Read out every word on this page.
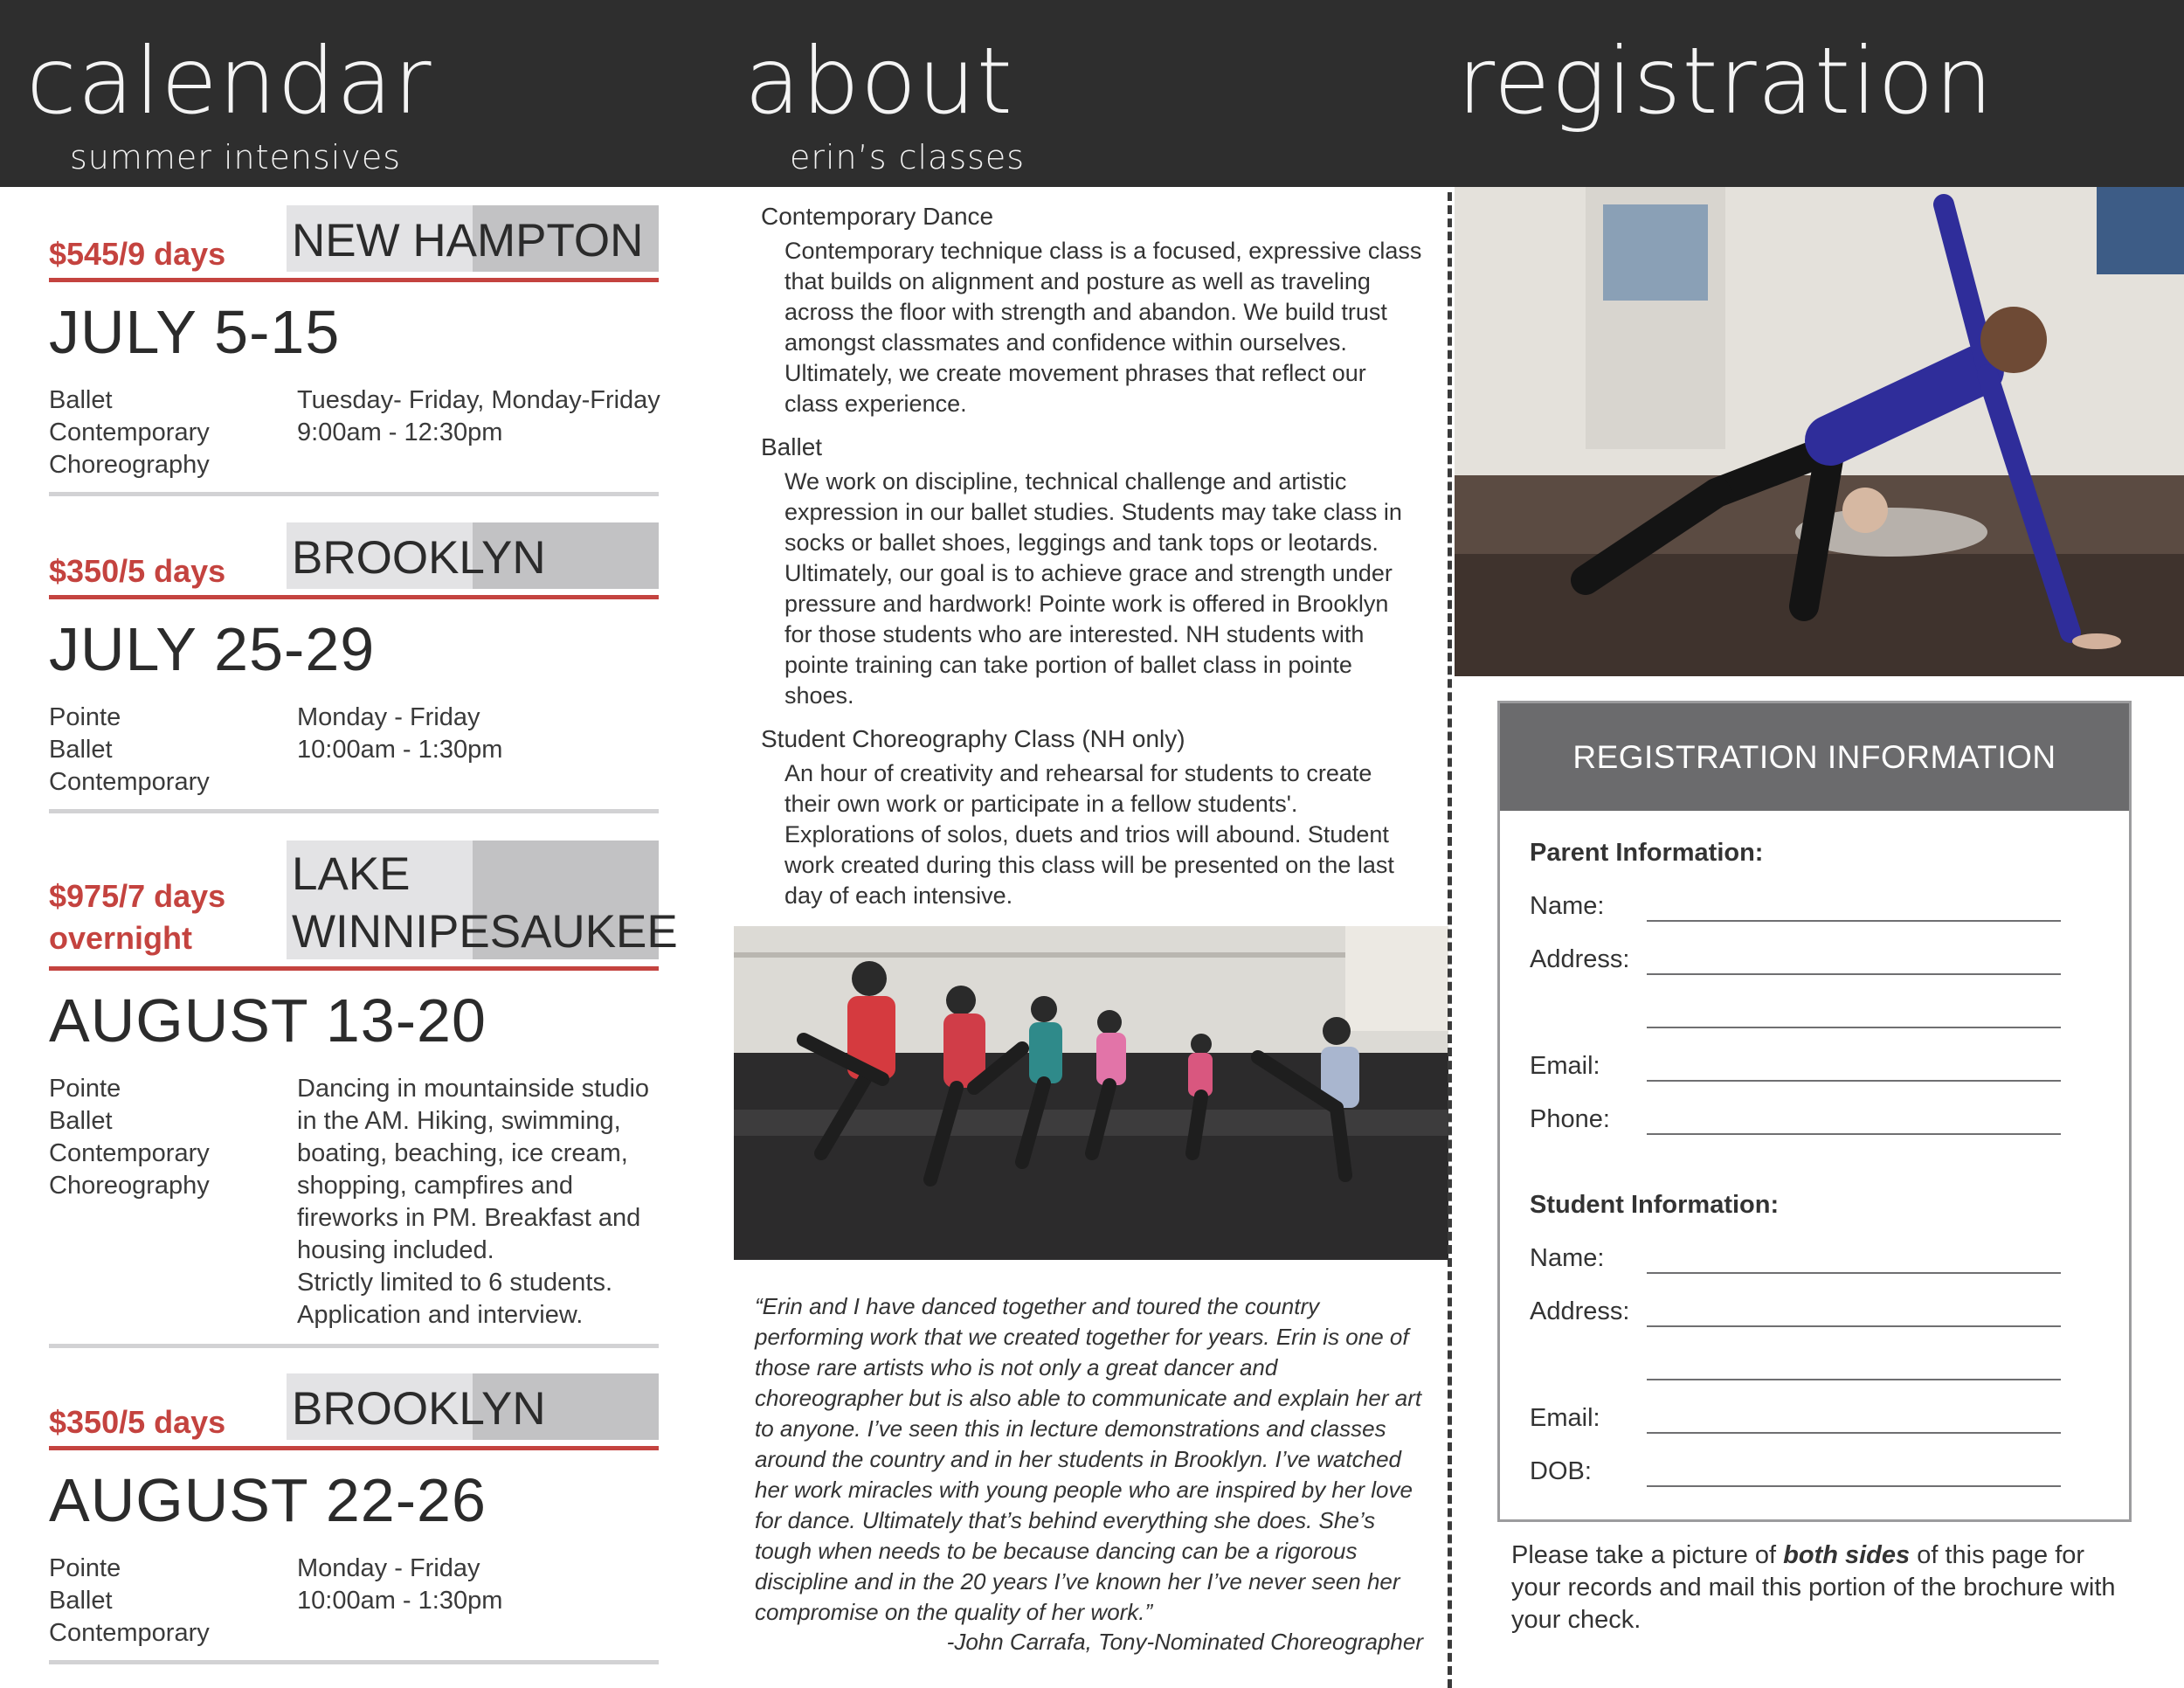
calendar
summer intensives
about
erin’s classes
registration
NEW HAMPTON
$545/9 days
JULY 5-15
Ballet
Contemporary
Choreography
Tuesday- Friday, Monday-Friday
9:00am - 12:30pm
BROOKLYN
$350/5 days
JULY 25-29
Pointe
Ballet
Contemporary
Monday - Friday
10:00am - 1:30pm
LAKE
WINNIPESAUKEE
$975/7 days
overnight
AUGUST 13-20
Pointe
Ballet
Contemporary
Choreography
Dancing in mountainside studio
in the AM. Hiking, swimming,
boating, beaching, ice cream,
shopping, campfires and
fireworks in PM. Breakfast and
housing included.
Strictly limited to 6 students.
Application and interview.
BROOKLYN
$350/5 days
AUGUST 22-26
Pointe
Ballet
Contemporary
Monday - Friday
10:00am - 1:30pm
Contemporary Dance
Contemporary technique class is a focused, expressive class
that builds on alignment and posture as well as traveling
across the floor with strength and abandon. We build trust
amongst classmates and confidence within ourselves.
Ultimately, we create movement phrases that reflect our
class experience.
Ballet
We work on discipline, technical challenge and artistic
expression in our ballet studies. Students may take class in
socks or ballet shoes, leggings and tank tops or leotards.
Ultimately, our goal is to achieve grace and strength under
pressure and hardwork! Pointe work is offered in Brooklyn
for those students who are interested. NH students with
pointe training can take portion of ballet class in pointe
shoes.
Student Choreography Class (NH only)
An hour of creativity and rehearsal for students to create
their own work or participate in a fellow students'.
Explorations of solos, duets and trios will abound. Student
work created during this class will be presented on the last
day of each intensive.
“Erin and I have danced together and toured the country
performing work that we created together for years. Erin is one of
those rare artists who is not only a great dancer and
choreographer but is also able to communicate and explain her art
to anyone. I’ve seen this in lecture demonstrations and classes
around the country and in her students in Brooklyn. I’ve watched
her work miracles with young people who are inspired by her love
for dance. Ultimately that’s behind everything she does. She’s
tough when needs to be because dancing can be a rigorous
discipline and in the 20 years I’ve known her I’ve never seen her
compromise on the quality of her work.”
-John Carrafa, Tony-Nominated Choreographer
REGISTRATION INFORMATION
Parent Information:
Name:
Address:
Email:
Phone:
Student Information:
Name:
Address:
Email:
DOB:
Please take a picture of both sides of this page for your records and mail this portion of the brochure with your check.
